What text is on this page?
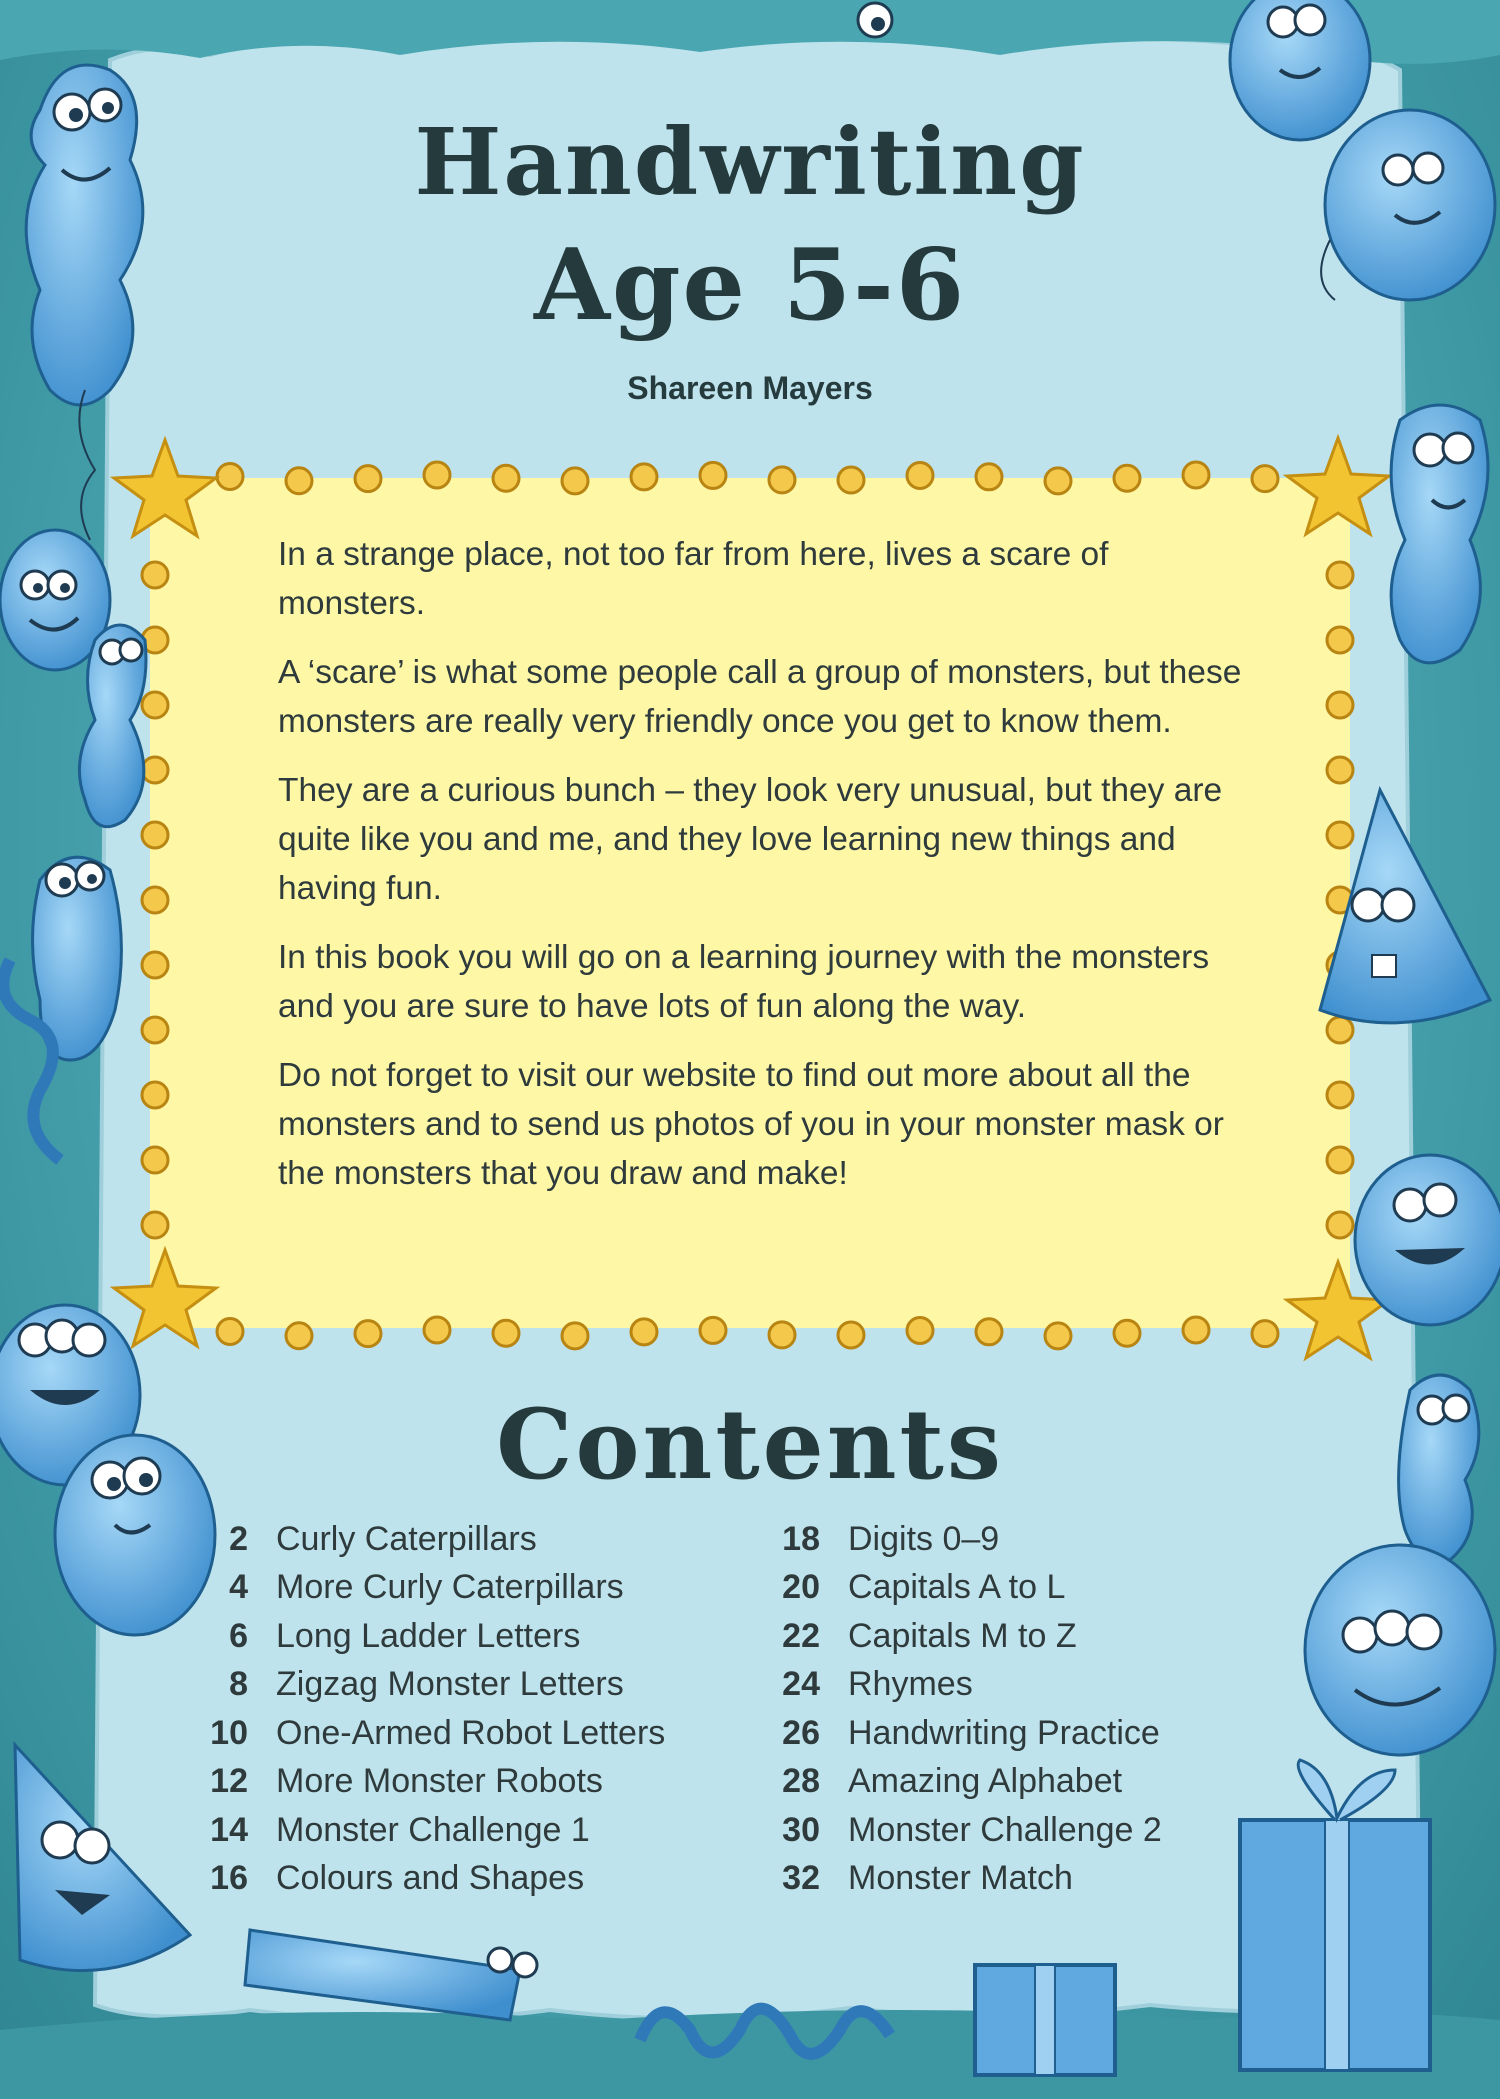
Handwriting
Age 5-6
Shareen Mayers

In a strange place, not too far from here, lives a scare of monsters.

A ‘scare’ is what some people call a group of monsters, but these monsters are really very friendly once you get to know them.

They are a curious bunch – they look very unusual, but they are quite like you and me, and they love learning new things and having fun.

In this book you will go on a learning journey with the monsters and you are sure to have lots of fun along the way.

Do not forget to visit our website to find out more about all the monsters and to send us photos of you in your monster mask or the monsters that you draw and make!

Contents
2 Curly Caterpillars
4 More Curly Caterpillars
6 Long Ladder Letters
8 Zigzag Monster Letters
10 One-Armed Robot Letters
12 More Monster Robots
14 Monster Challenge 1
16 Colours and Shapes
18 Digits 0–9
20 Capitals A to L
22 Capitals M to Z
24 Rhymes
26 Handwriting Practice
28 Amazing Alphabet
30 Monster Challenge 2
32 Monster Match
